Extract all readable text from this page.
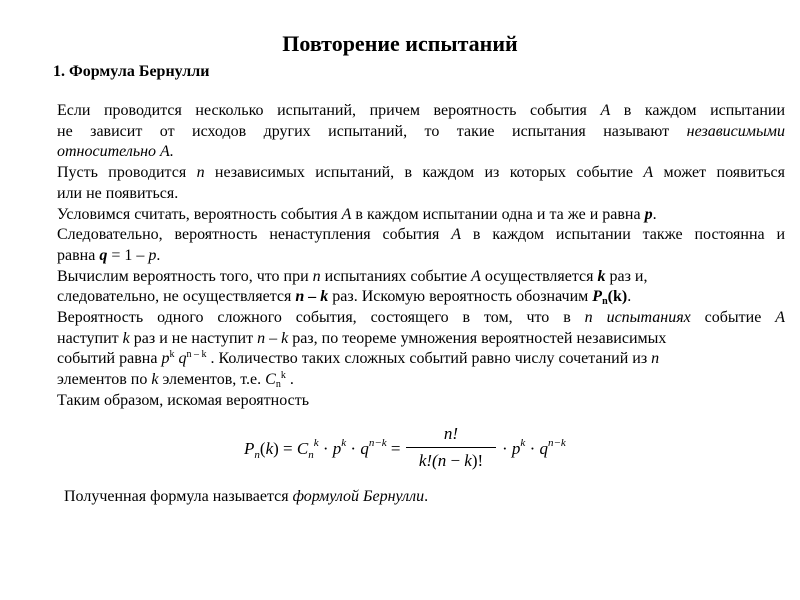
Повторение испытаний
1. Формула Бернулли
Если проводится несколько испытаний, причем вероятность события A в каждом испытании
не зависит от исходов других испытаний, то такие испытания называют независимыми
относительно А.
Пусть проводится n независимых испытаний, в каждом из которых событие A может появиться
или не появиться.
Условимся считать, вероятность события A в каждом испытании одна и та же и равна p.
Следовательно, вероятность ненаступления события A в каждом испытании также постоянна и
равна q = 1 – p.
Вычислим вероятность того, что при n испытаниях событие A осуществляется k раз и,
следовательно, не осуществляется n – k раз. Искомую вероятность обозначим $P_n(k)$.
Вероятность одного сложного события, состоящего в том, что в n испытаниях событие A
наступит k раз и не наступит n – k раз, по теореме умножения вероятностей независимых
событий равна $p^k$ $q^{n - k}$ . Количество таких сложных событий равно числу сочетаний из n
элементов по k элементов, т.е. $C_n^k$ .
Таким образом, искомая вероятность
$P_n(k) = C_n^k \cdot p^k \cdot q^{n-k}$ =
n!
k!(n − k)!
· $p^k \cdot q^{n-k}$
Полученная формула называется формулой Бернулли.
